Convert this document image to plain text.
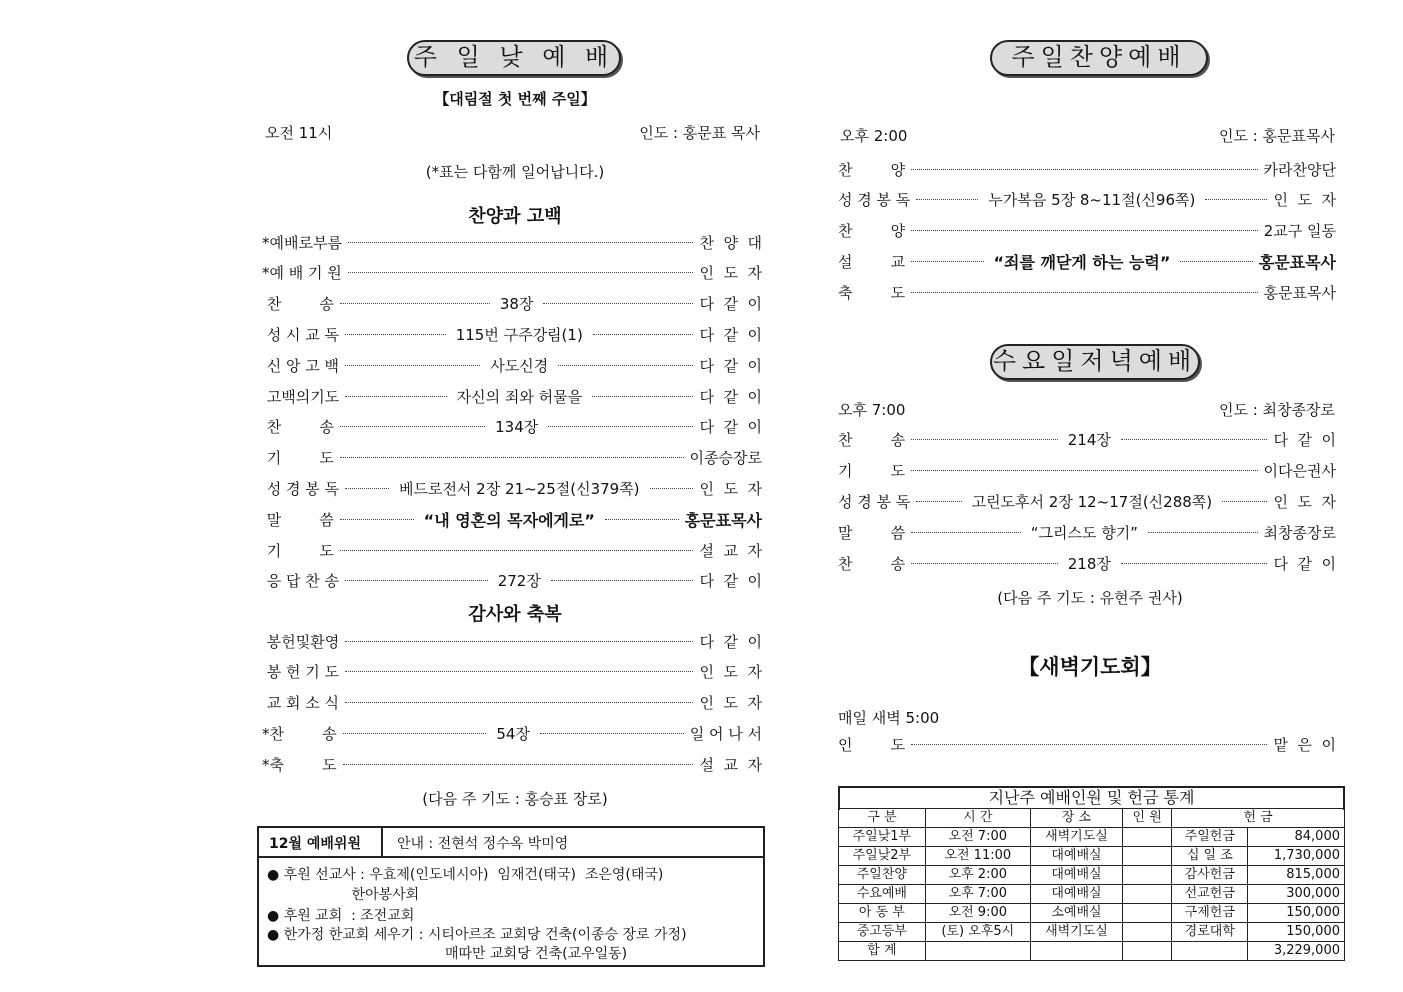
주 일 낮 예 배
【대림절 첫 번째 주일】
오전 11시	인도 : 홍문표 목사
(*표는 다함께 일어납니다.)
찬양과 고백
*예배로부름	찬  양  대
*예 배 기 원	인  도  자
찬        송	38장	다  같  이
성 시 교 독	115번 구주강림(1)	다  같  이
신 앙 고 백	사도신경	다  같  이
고백의기도	자신의 죄와 허물을	다  같  이
찬        송	134장	다  같  이
기        도	이종승장로
성 경 봉 독	베드로전서 2장 21~25절(신379쪽)	인  도  자
말        씀	“내 영혼의 목자에게로”	홍문표목사
기        도	설  교  자
응 답 찬 송	272장	다  같  이
감사와 축복
봉헌및환영	다  같  이
봉 헌 기 도	인  도  자
교 회 소 식	인  도  자
*찬        송	54장	일 어 나 서
*축        도	설  교  자
(다음 주 기도 : 홍승표 장로)
12월 예배위원	안내 : 전현석 정수옥 박미영
● 후원 선교사 : 우효제(인도네시아)  임재건(태국)  조은영(태국)
한아봉사회
● 후원 교회  : 조전교회
● 한가정 한교회 세우기 : 시티아르조 교회당 건축(이종승 장로 가정)
매따만 교회당 건축(교우일동)
주일찬양예배
오후 2:00	인도 : 홍문표목사
찬        양	카라찬양단
성 경 봉 독	누가복음 5장 8~11절(신96쪽)	인  도  자
찬        양	2교구 일동
설        교	“죄를 깨닫게 하는 능력”	홍문표목사
축        도	홍문표목사
수요일저녁예배
오후 7:00	인도 : 최창종장로
찬        송	214장	다  같  이
기        도	이다은권사
성 경 봉 독	고린도후서 2장 12~17절(신288쪽)	인  도  자
말        씀	“그리스도 향기”	최창종장로
찬        송	218장	다  같  이
(다음 주 기도 : 유현주 권사)
【새벽기도회】
매일 새벽 5:00
인        도	맡  은  이
지난주 예배인원 및 헌금 통계
구 분	시 간	장 소	인 원	헌 금	
주일낮1부	오전 7:00	새벽기도실		주일헌금	84,000
주일낮2부	오전 11:00	대예배실		십 일 조	1,730,000
주일찬양	오후 2:00	대예배실		감사헌금	815,000
수요예배	오후 7:00	대예배실		선교헌금	300,000
아 동 부	오전 9:00	소예배실		구제헌금	150,000
중고등부	(토) 오후5시	새벽기도실		경로대학	150,000
합 계					3,229,000
